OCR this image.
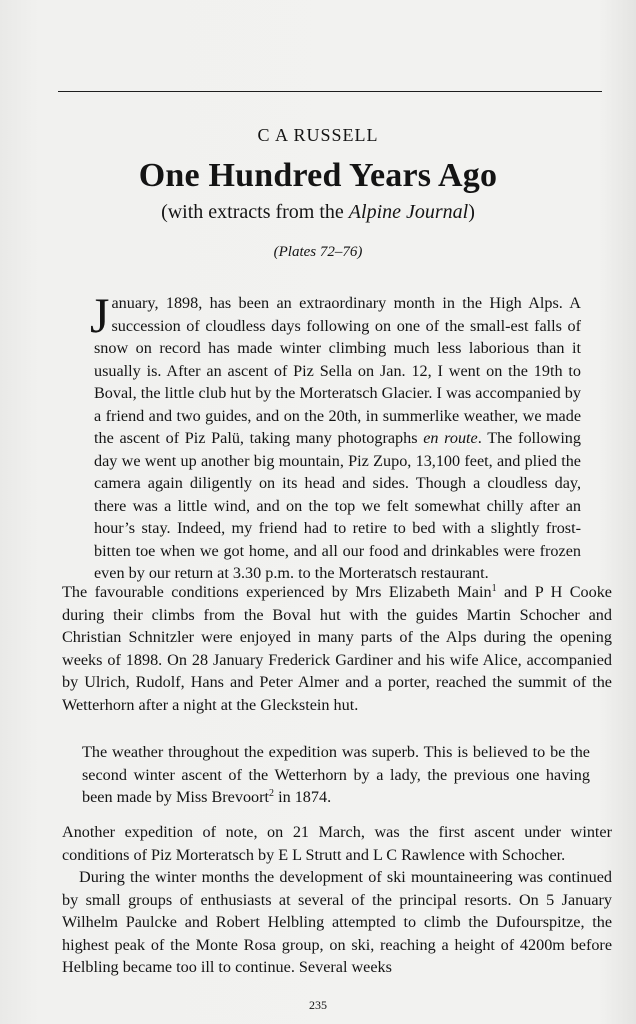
C A RUSSELL
One Hundred Years Ago
(with extracts from the Alpine Journal)
(Plates 72–76)

January, 1898, has been an extraordinary month in the High Alps. A succession of cloudless days following on one of the small-est falls of snow on record has made winter climbing much less laborious than it usually is. After an ascent of Piz Sella on Jan. 12, I went on the 19th to Boval, the little club hut by the Morteratsch Glacier. I was accompanied by a friend and two guides, and on the 20th, in summerlike weather, we made the ascent of Piz Palü, taking many photographs en route. The following day we went up another big mountain, Piz Zupo, 13,100 feet, and plied the camera again diligently on its head and sides. Though a cloudless day, there was a little wind, and on the top we felt somewhat chilly after an hour’s stay. Indeed, my friend had to retire to bed with a slightly frost-bitten toe when we got home, and all our food and drinkables were frozen even by our return at 3.30 p.m. to the Morteratsch restaurant.

The favourable conditions experienced by Mrs Elizabeth Main$^1$ and P H Cooke during their climbs from the Boval hut with the guides Martin Schocher and Christian Schnitzler were enjoyed in many parts of the Alps during the opening weeks of 1898. On 28 January Frederick Gardiner and his wife Alice, accompanied by Ulrich, Rudolf, Hans and Peter Almer and a porter, reached the summit of the Wetterhorn after a night at the Gleckstein hut.

The weather throughout the expedition was superb. This is believed to be the second winter ascent of the Wetterhorn by a lady, the previous one having been made by Miss Brevoort$^2$ in 1874.

Another expedition of note, on 21 March, was the first ascent under winter conditions of Piz Morteratsch by E L Strutt and L C Rawlence with Schocher.

During the winter months the development of ski mountaineering was continued by small groups of enthusiasts at several of the principal resorts. On 5 January Wilhelm Paulcke and Robert Helbling attempted to climb the Dufourspitze, the highest peak of the Monte Rosa group, on ski, reaching a height of 4200m before Helbling became too ill to continue. Several weeks

235
